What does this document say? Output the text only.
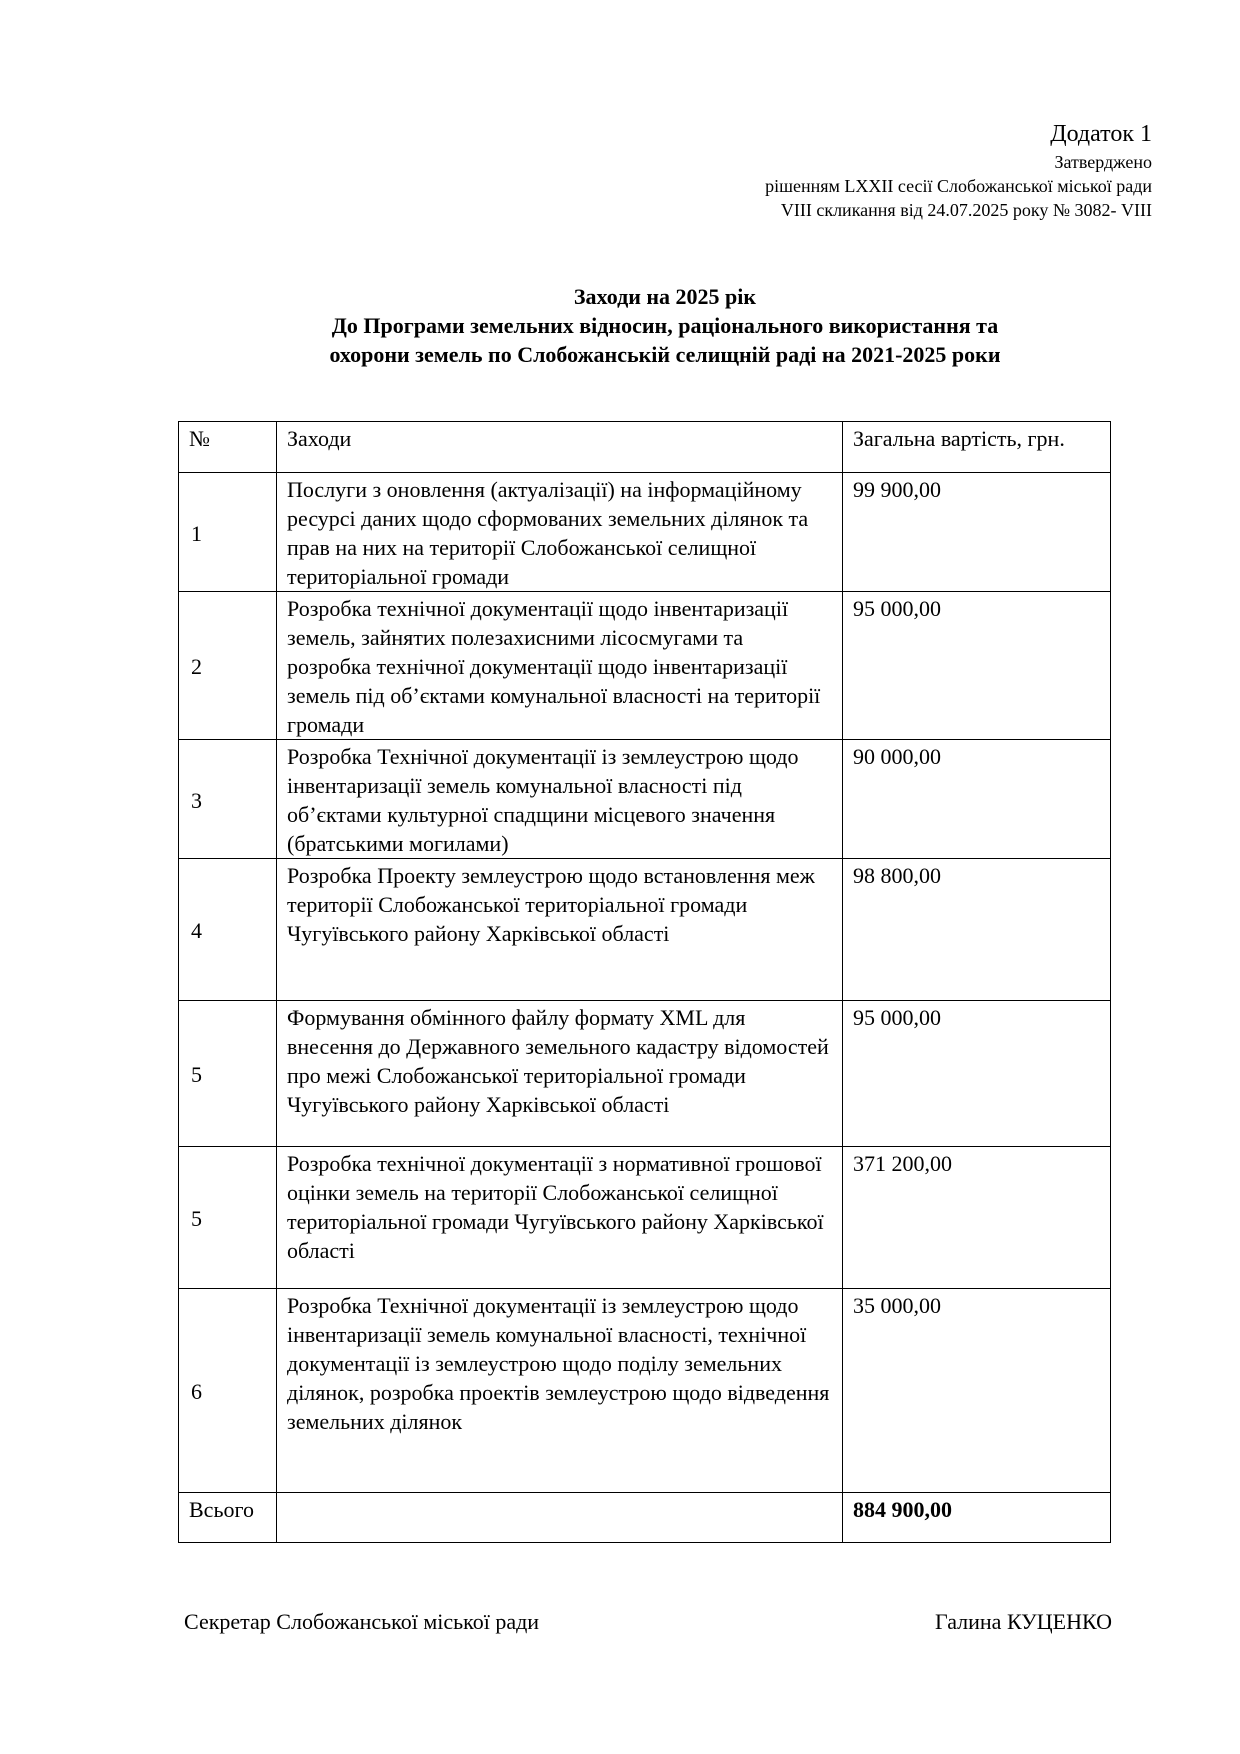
Додаток 1
Затверджено
рішенням LXXII сесії Слобожанської міської ради
VIII скликання від 24.07.2025 року № 3082- VIII
Заходи на 2025 рік
До Програми земельних відносин, раціонального використання та
охорони земель по Слобожанській селищній раді на 2021-2025 роки
№	Заходи	Загальна вартість, грн.
1	Послуги з оновлення (актуалізації) на інформаційному ресурсі даних щодо сформованих земельних ділянок та прав на них на території Слобожанської селищної територіальної громади	99 900,00
2	Розробка технічної документації щодо інвентаризації земель, зайнятих полезахисними лісосмугами та розробка технічної документації щодо інвентаризації земель під об’єктами комунальної власності на території громади	95 000,00
3	Розробка Технічної документації із землеустрою щодо інвентаризації земель комунальної власності під об’єктами культурної спадщини місцевого значення (братськими могилами)	90 000,00
4	Розробка Проекту землеустрою щодо встановлення меж території Слобожанської територіальної громади Чугуївського району Харківської області	98 800,00
5	Формування обмінного файлу формату XML для внесення до Державного земельного кадастру відомостей про межі Слобожанської територіальної громади Чугуївського району Харківської області	95 000,00
5	Розробка технічної документації з нормативної грошової оцінки земель на території Слобожанської селищної територіальної громади Чугуївського району Харківської області	371 200,00
6	Розробка Технічної документації із землеустрою щодо інвентаризації земель комунальної власності, технічної документації із землеустрою щодо поділу земельних ділянок, розробка проектів землеустрою щодо відведення земельних ділянок	35 000,00
Всього		884 900,00
Секретар Слобожанської міської ради	Галина КУЦЕНКО
